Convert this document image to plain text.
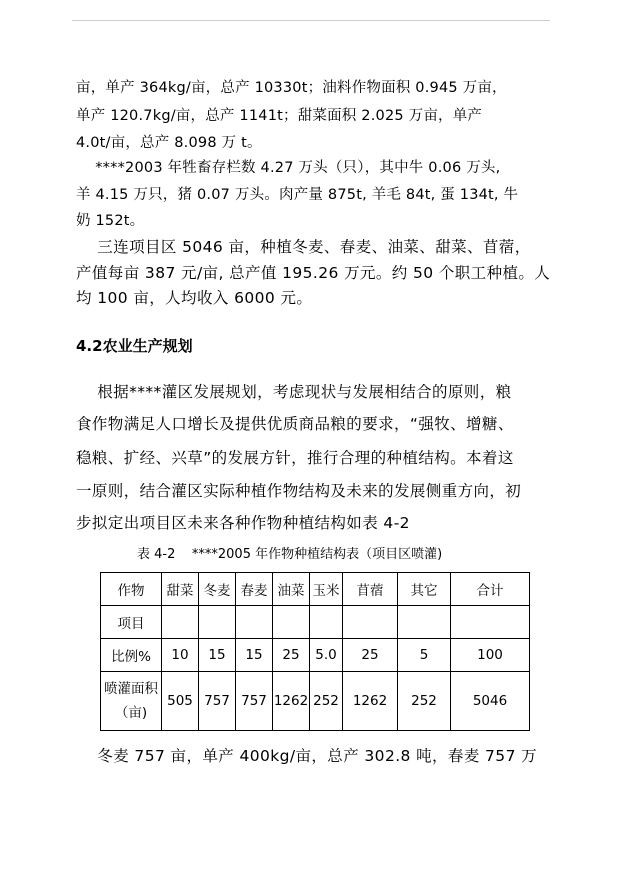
亩，单产 364kg/亩，总产 10330t；油料作物面积 0.945 万亩，
单产 120.7kg/亩，总产 1141t；甜菜面积 2.025 万亩，单产
4.0t/亩，总产 8.098 万 t。
****2003 年牲畜存栏数 4.27 万头（只），其中牛 0.06 万头,
羊 4.15 万只，猪 0.07 万头。肉产量 875t, 羊毛 84t, 蛋 134t, 牛
奶 152t。
三连项目区 5046 亩，种植冬麦、春麦、油菜、甜菜、苜蓿，
产值每亩 387 元/亩, 总产值 195.26 万元。约 50 个职工种植。人
均 100 亩，人均收入 6000 元。
4.2农业生产规划
根据****灌区发展规划，考虑现状与发展相结合的原则，粮
食作物满足人口增长及提供优质商品粮的要求，“强牧、增糖、
稳粮、扩经、兴草”的发展方针，推行合理的种植结构。本着这
一原则，结合灌区实际种植作物结构及未来的发展侧重方向，初
步拟定出项目区未来各种作物种植结构如表 4-2
表 4-2    ****2005 年作物种植结构表（项目区喷灌)
作物	甜菜	冬麦	春麦	油菜	玉米	苜蓿	其它	合计
项目								
比例%	10	15	15	25	5.0	25	5	100

喷灌面积
（亩)	505	757	757	1262	252	1262	252	5046
冬麦 757 亩，单产 400kg/亩，总产 302.8 吨，春麦 757 万
